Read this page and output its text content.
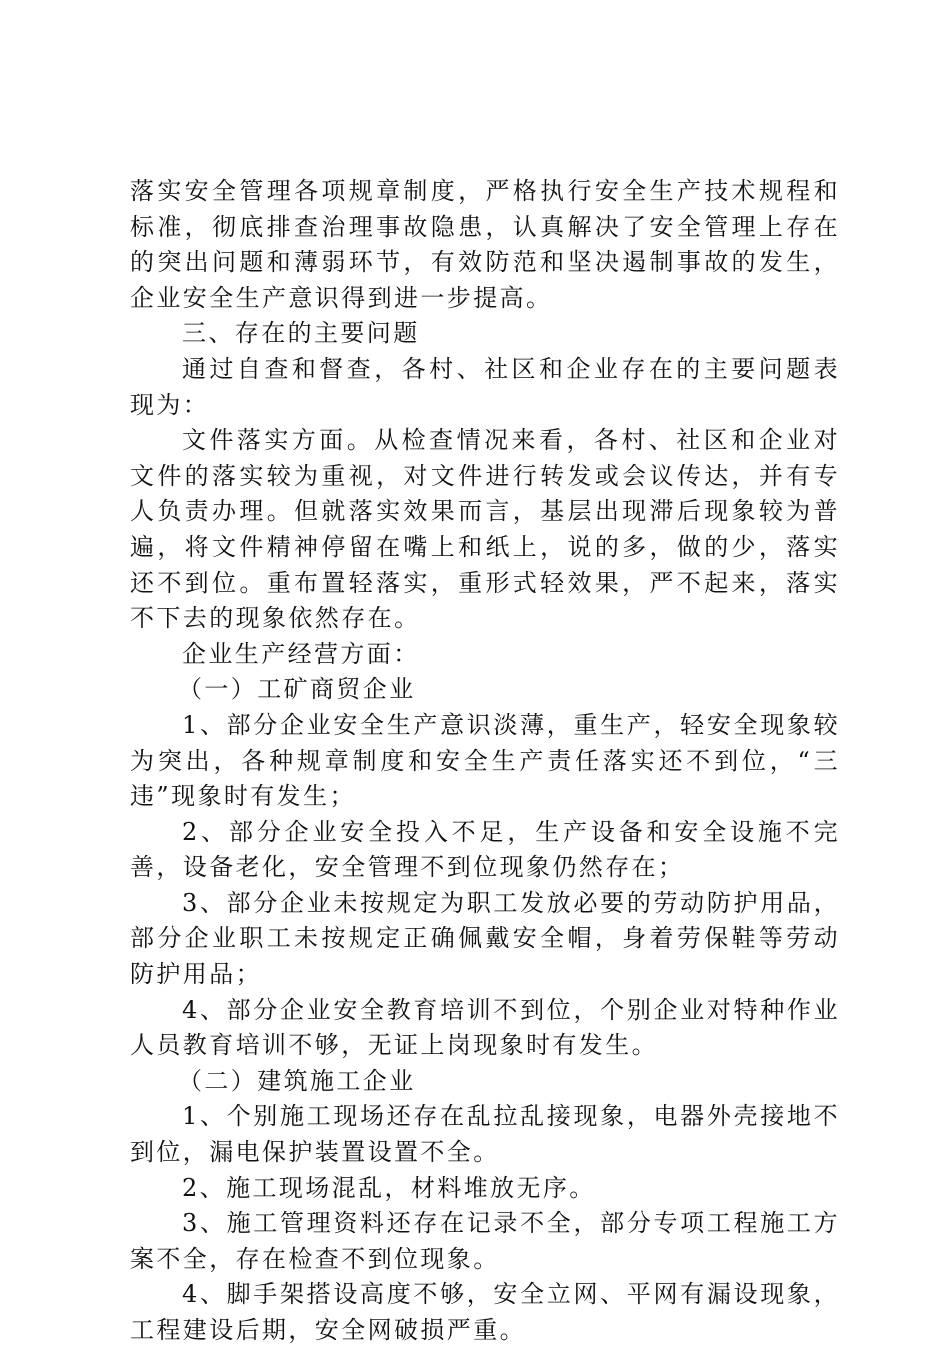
落实安全管理各项规章制度，严格执行安全生产技术规程和标准，彻底排查治理事故隐患，认真解决了安全管理上存在的突出问题和薄弱环节，有效防范和坚决遏制事故的发生，企业安全生产意识得到进一步提高。

三、存在的主要问题

通过自查和督查，各村、社区和企业存在的主要问题表现为：

文件落实方面。从检查情况来看，各村、社区和企业对文件的落实较为重视，对文件进行转发或会议传达，并有专人负责办理。但就落实效果而言，基层出现滞后现象较为普遍，将文件精神停留在嘴上和纸上，说的多，做的少，落实还不到位。重布置轻落实，重形式轻效果，严不起来，落实不下去的现象依然存在。

企业生产经营方面：

（一）工矿商贸企业

1、部分企业安全生产意识淡薄，重生产，轻安全现象较为突出，各种规章制度和安全生产责任落实还不到位，“三违”现象时有发生；

2、部分企业安全投入不足，生产设备和安全设施不完善，设备老化，安全管理不到位现象仍然存在；

3、部分企业未按规定为职工发放必要的劳动防护用品，部分企业职工未按规定正确佩戴安全帽，身着劳保鞋等劳动防护用品；

4、部分企业安全教育培训不到位，个别企业对特种作业人员教育培训不够，无证上岗现象时有发生。

（二）建筑施工企业

1、个别施工现场还存在乱拉乱接现象，电器外壳接地不到位，漏电保护装置设置不全。

2、施工现场混乱，材料堆放无序。

3、施工管理资料还存在记录不全，部分专项工程施工方案不全，存在检查不到位现象。

4、脚手架搭设高度不够，安全立网、平网有漏设现象，工程建设后期，安全网破损严重。
